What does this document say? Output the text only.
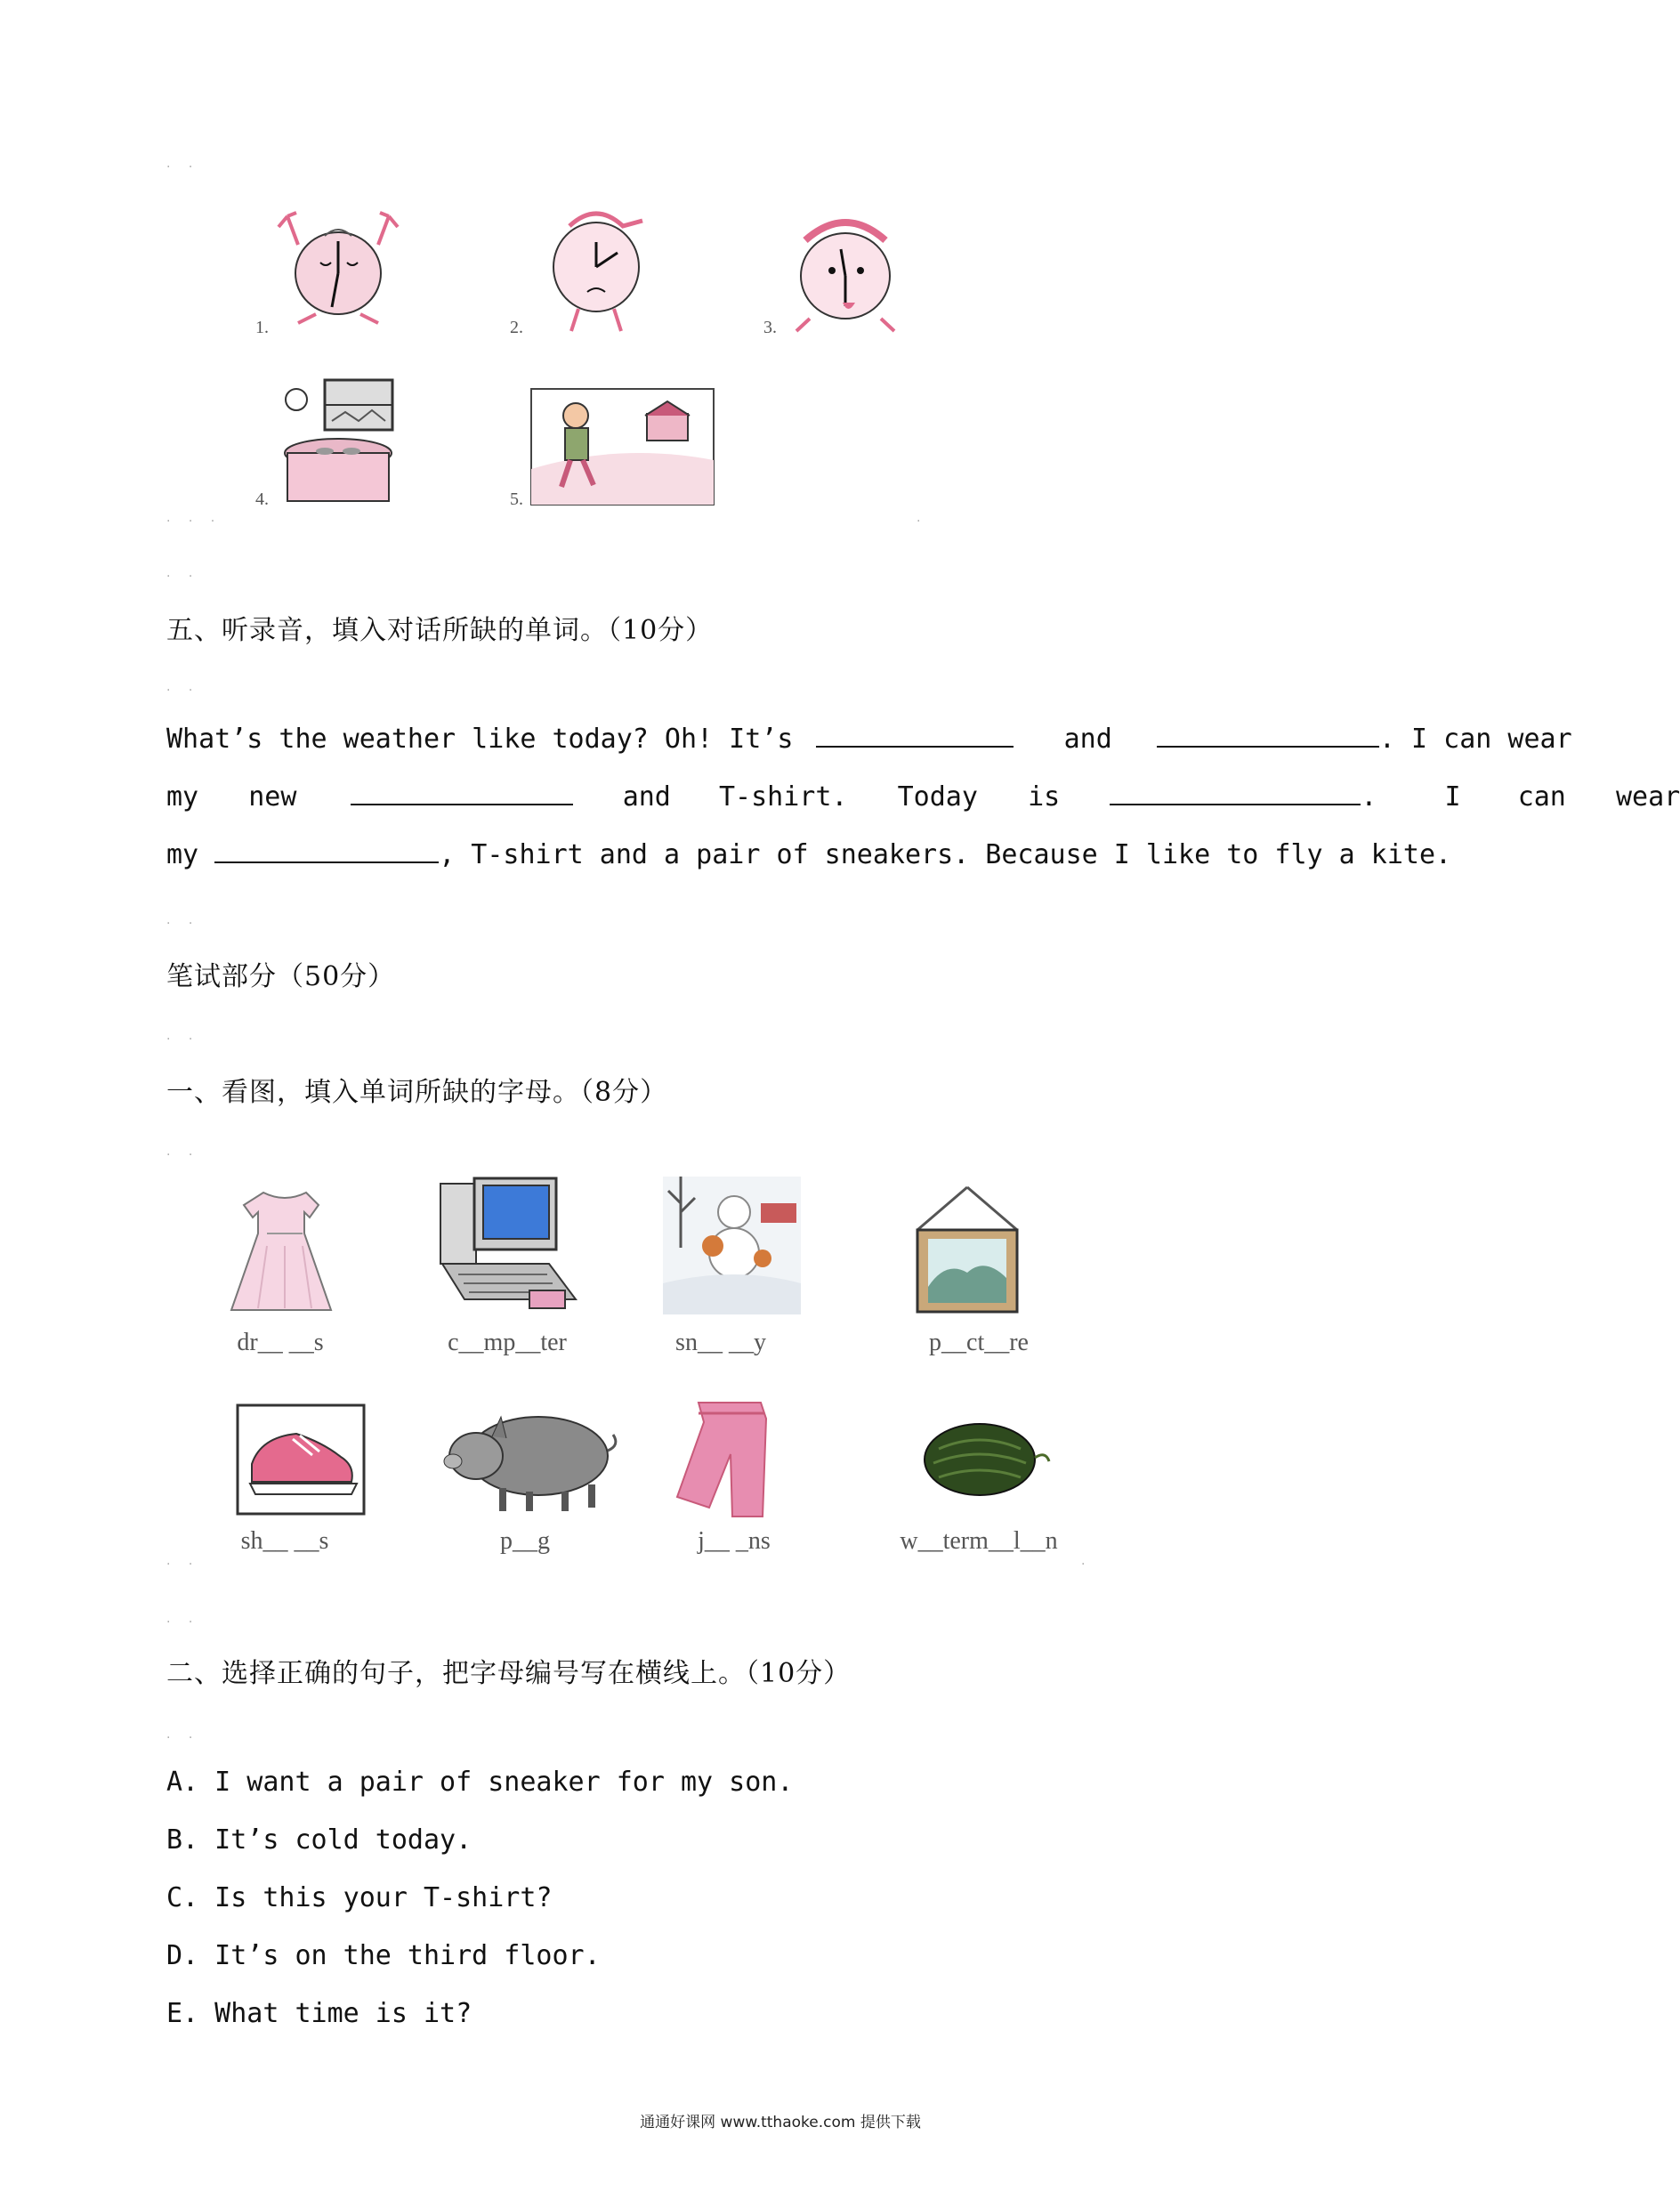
· ·
· · ·	·
· ·
· ·
· ·
· ·
· ·
· ·
· ·
· ·
·
1.	2.	3.
4.	5.
五、听录音，填入对话所缺的单词。（10分）
What’s the weather like today? Oh! It’s	and	. I can wear
my new	and T-shirt. Today is	.	I can wear
my	, T-shirt and a pair of sneakers. Because I like to fly a kite.
笔试部分（50分）
一、看图，填入单词所缺的字母。（8分）
dr__ __s	c__mp__ter	sn__ __y	p__ct__re
sh__ __s	p__g	j__ _ns	w__term__l__n
二、选择正确的句子，把字母编号写在横线上。（10分）
A. I want a pair of sneaker for my son.
B. It’s cold today.
C. Is this your T-shirt?
D. It’s on the third floor.
E. What time is it?
通通好课网 www.tthaoke.com 提供下载
